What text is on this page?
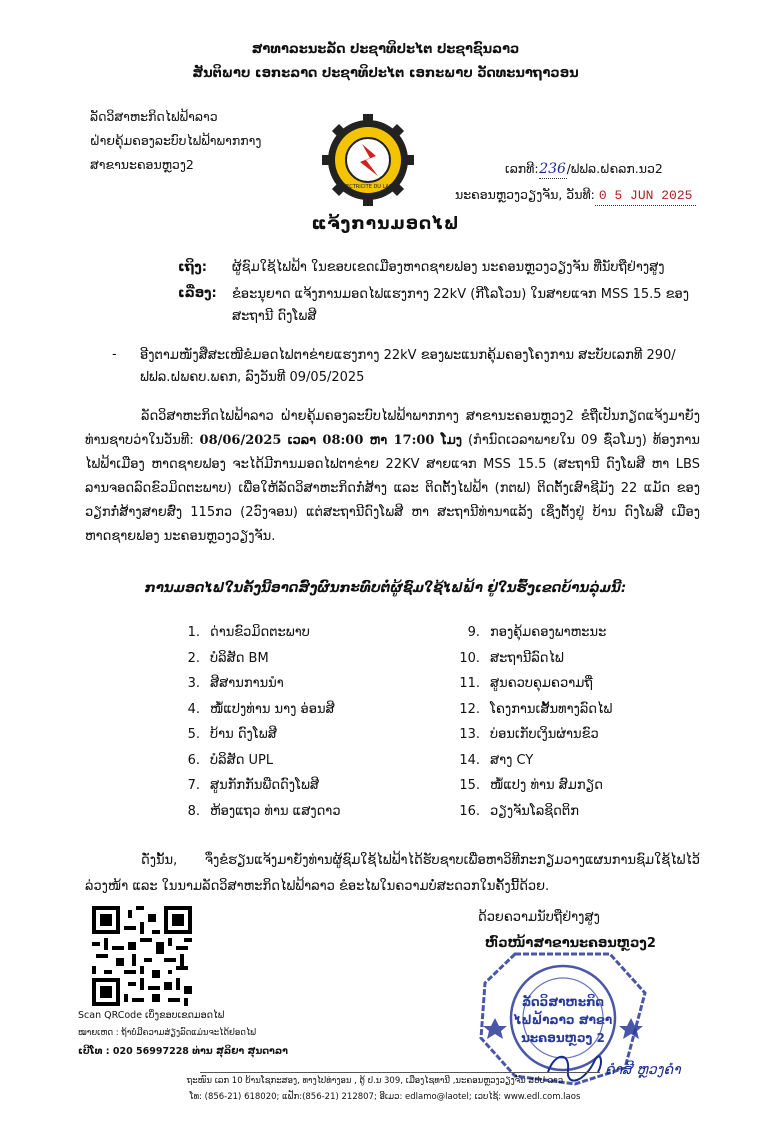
ສາທາລະນະລັດ ປະຊາທິປະໄຕ ປະຊາຊົນລາວ
ສັນຕິພາບ ເອກະລາດ ປະຊາທິປະໄຕ ເອກະພາບ ວັດທະນາຖາວອນ
ລັດວິສາຫະກິດໄຟຟ້າລາວ
ຝ່າຍຄຸ້ມຄອງລະບົບໄຟຟ້າພາກກາງ
ສາຂານະຄອນຫຼວງ2
ELECTRICITE DU LAOS
ເລກທີ:236/ຟຟລ.ຝຄລກ.ນວ2
ນະຄອນຫຼວງວຽງຈັນ, ວັນທີ: 0 5 JUN 2025
ແຈ້ງການມອດໄຟ
ເຖິງ:	ຜູ້ຊົມໃຊ້ໄຟຟ້າ ໃນຂອບເຂດເມືອງຫາດຊາຍຟອງ ນະຄອນຫຼວງວຽງຈັນ ທີ່ນັບຖືຢ່າງສູງ
ເລື່ອງ:	ຂໍອະນຸຍາດ ແຈ້ງການມອດໄຟແຮງກາງ 22kV (ກີໂລໂວນ) ໃນສາຍແຈກ MSS 15.5 ຂອງ ສະຖານີ ດົງໂພສີ
- ອີງຕາມໜັງສືສະເໜີຂໍມອດໄຟຕາຂ່າຍແຮງກາງ 22kV ຂອງພະແນກຄຸ້ມຄອງໂຄງການ ສະບັບເລກທີ 290/ຟຟລ.ຝພຄບ.ພຄກ, ລົງວັນທີ 09/05/2025
ລັດວິສາຫະກິດໄຟຟ້າລາວ ຝ່າຍຄຸ້ມຄອງລະບົບໄຟຟ້າພາກກາງ ສາຂານະຄອນຫຼວງ2 ຂໍຖືເປັນກຽດແຈ້ງມາຍັງທ່ານຊາບວ່າໃນວັນທີ: 08/06/2025 ເວລາ 08:00 ຫາ 17:00 ໂມງ (ກຳນົດເວລາພາຍໃນ 09 ຊົ່ວໂມງ) ທ້ອງການໄຟຟ້າເມືອງ ຫາດຊາຍຟອງ ຈະໄດ້ມີການມອດໄຟຕາຂ່າຍ 22KV ສາຍແຈກ MSS 15.5 (ສະຖານີ ດົງໂພສີ ຫາ LBS ລານຈອດລົດຂົວມິດຕະພາບ) ເພື່ອໃຫ້ລັດວິສາຫະກິດກໍ່ສ້າງ ແລະ ຕິດຕັ້ງໄຟຟ້າ (ກຕຟ) ຕິດຕັ້ງເສົາຊີມັງ 22 ແມັດ ຂອງວຽກກໍ່ສ້າງສາຍສົ່ງ 115ກວ (2ວົງຈອນ) ແຕ່ສະຖານີດົງໂພສີ ຫາ ສະຖານີທ່ານາແລ້ງ ເຊິ່ງຕັ້ງຢູ່ ບ້ານ ດົງໂພສີ ເມືອງຫາດຊາຍຟອງ ນະຄອນຫຼວງວຽງຈັນ.
ການມອດໄຟໃນຄັ້ງນີ້ອາດສົ່ງຜົນກະທົບຕໍ່ຜູ້ຊົມໃຊ້ໄຟຟ້າ ຢູ່ໃນຮົ້ງເຂດບ້ານລຸ່ມນີ້:
1. ດ່ານຂົວມິດຕະພາບ
2. ບໍລິສັດ BM
3. ສີສານການນຳ
4. ໜໍ້ແປງທ່ານ ນາງ ອ່ອນສີ
5. ບ້ານ ດົງໂພສີ
6. ບໍລິສັດ UPL
7. ສູນກັກກັນພືດດົງໂພສີ
8. ຫ້ອງແຖວ ທ່ານ ແສງດາວ
9. ກອງຄຸ້ມຄອງພາຫະນະ
10. ສະຖານີລົດໄຟ
11. ສູນຄວບຄຸມຄວາມຖີ່
12. ໂຄງການເສັ້ນທາງລົດໄຟ
13. ບ່ອນເກັບເງິນຜ່ານຂົວ
14. ສາງ CY
15. ໜໍ້ແປງ ທ່ານ ສົມກຽດ
16. ວຽງຈັນໂລຊິດຕິກ
ດັ່ງນັ້ນ, ຈຶ່ງຂໍຮຽນແຈ້ງມາຍັງທ່ານຜູ້ຊົມໃຊ້ໄຟຟ້າໄດ້ຮັບຊາບເພື່ອຫາວິທີກະກຽມວາງແຜນການຊົມໃຊ້ໄຟໄວ້ລ່ວງໜ້າ ແລະ ໃນນາມລັດວິສາຫະກິດໄຟຟ້າລາວ ຂໍອະໄພໃນຄວາມບໍ່ສະດວກໃນຄັ້ງນີ້ດ້ວຍ.
ດ້ວຍຄວາມນັບຖືຢ່າງສູງ
ຫົວໜ້າສາຂານະຄອນຫຼວງ2
ລັດວິສາຫະກິດ
ໄຟຟ້າລາວ ສາຂາ
ນະຄອນຫຼວງ 2
ຄຳສີ ຫຼວງຄຳ
Scan QRCode ເບິ່ງຂອບເຂດມອດໄຟ
ໝາຍເຫດ : ຖ້າບໍ່ມີຄວາມສ່ຽງລົດແມ່ນຈະໄດ້ຢອດໄຟ
ເບີໂທ : 020 56997228 ທ່ານ ສຸລິຍາ ສຸນດາລາ
ຖະໜົນ ເລກ 10 ບ້ານໂຊກະສອງ, ທາງໄປທ່າງອນ , ຕູ້ ປ.ນ 309, ເມືອງໄຊທານີ ,ນະຄອນຫຼວງວຽງຈັນ ສປປ ລາວ
ໂທ: (856-21) 618020; ແຟັກ:(856-21) 212807; ອີເມວ: edlamo@laotel; ເວບໄຊ້: www.edl.com.laos
